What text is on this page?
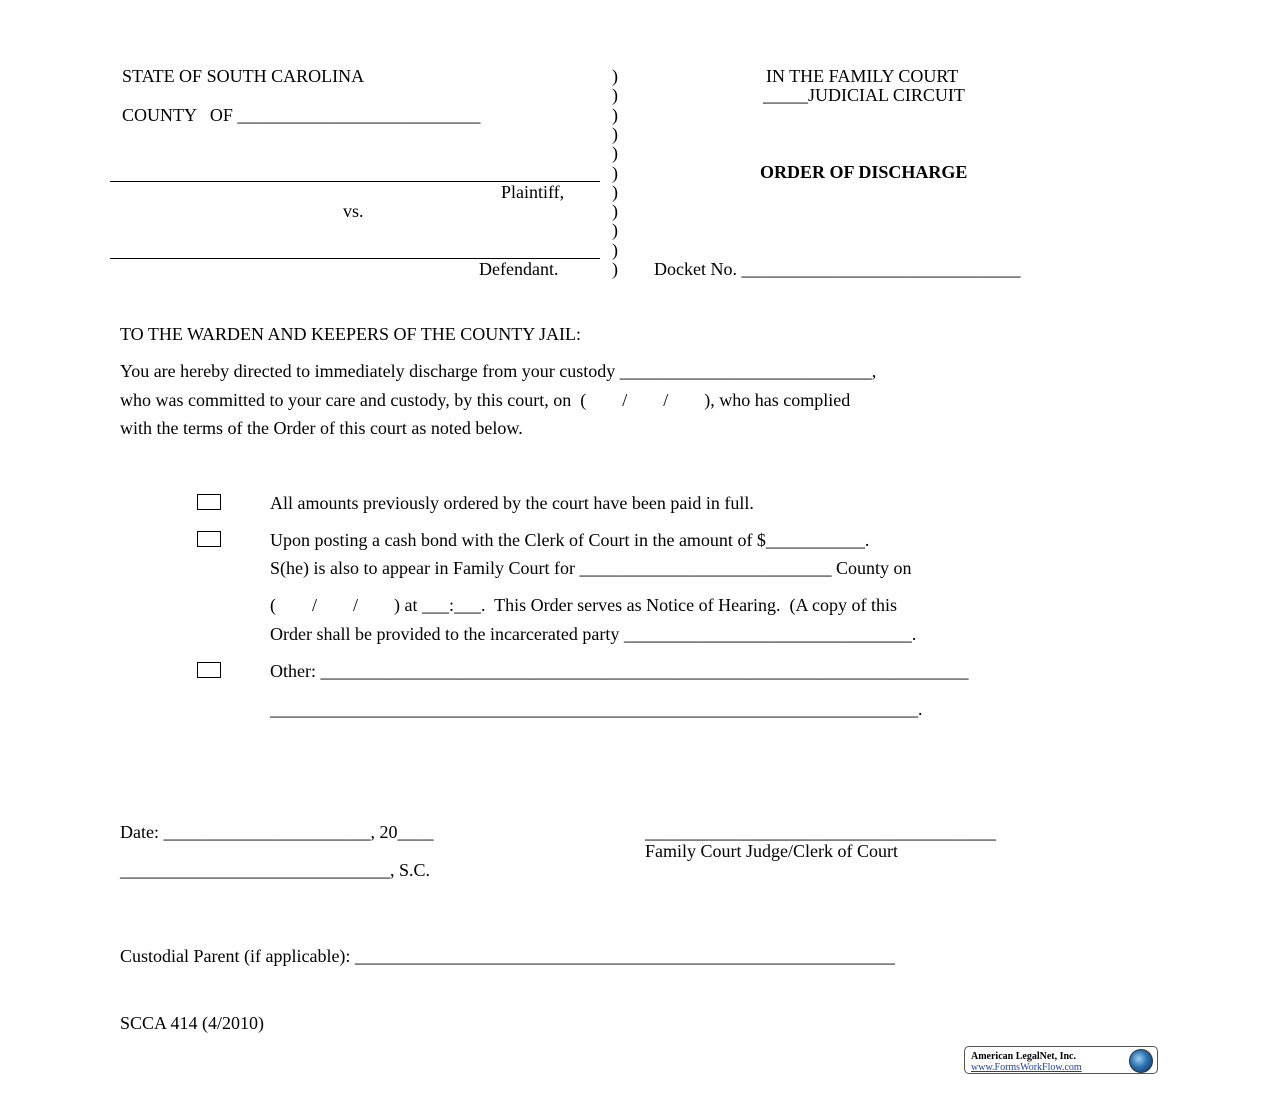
STATE OF SOUTH CAROLINA
COUNTY   OF ___________________________
Plaintiff,
vs.
Defendant.
)
)
)
)
)
)
)
)
)
)
)
IN THE FAMILY COURT
_____JUDICIAL CIRCUIT
ORDER OF DISCHARGE
Docket No. _______________________________
TO THE WARDEN AND KEEPERS OF THE COUNTY JAIL:
You are hereby directed to immediately discharge from your custody ____________________________,
who was committed to your care and custody, by this court, on  (        /        /        ), who has complied
with the terms of the Order of this court as noted below.
All amounts previously ordered by the court have been paid in full.
Upon posting a cash bond with the Clerk of Court in the amount of $___________.
S(he) is also to appear in Family Court for ____________________________ County on
(        /        /        ) at ___:___.  This Order serves as Notice of Hearing.  (A copy of this
Order shall be provided to the incarcerated party ________________________________.
Other: ________________________________________________________________________
________________________________________________________________________.
Date: _______________________, 20____	_______________________________________
Family Court Judge/Clerk of Court
______________________________, S.C.
Custodial Parent (if applicable): ____________________________________________________________
SCCA 414 (4/2010)
American LegalNet, Inc.
www.FormsWorkFlow.com
